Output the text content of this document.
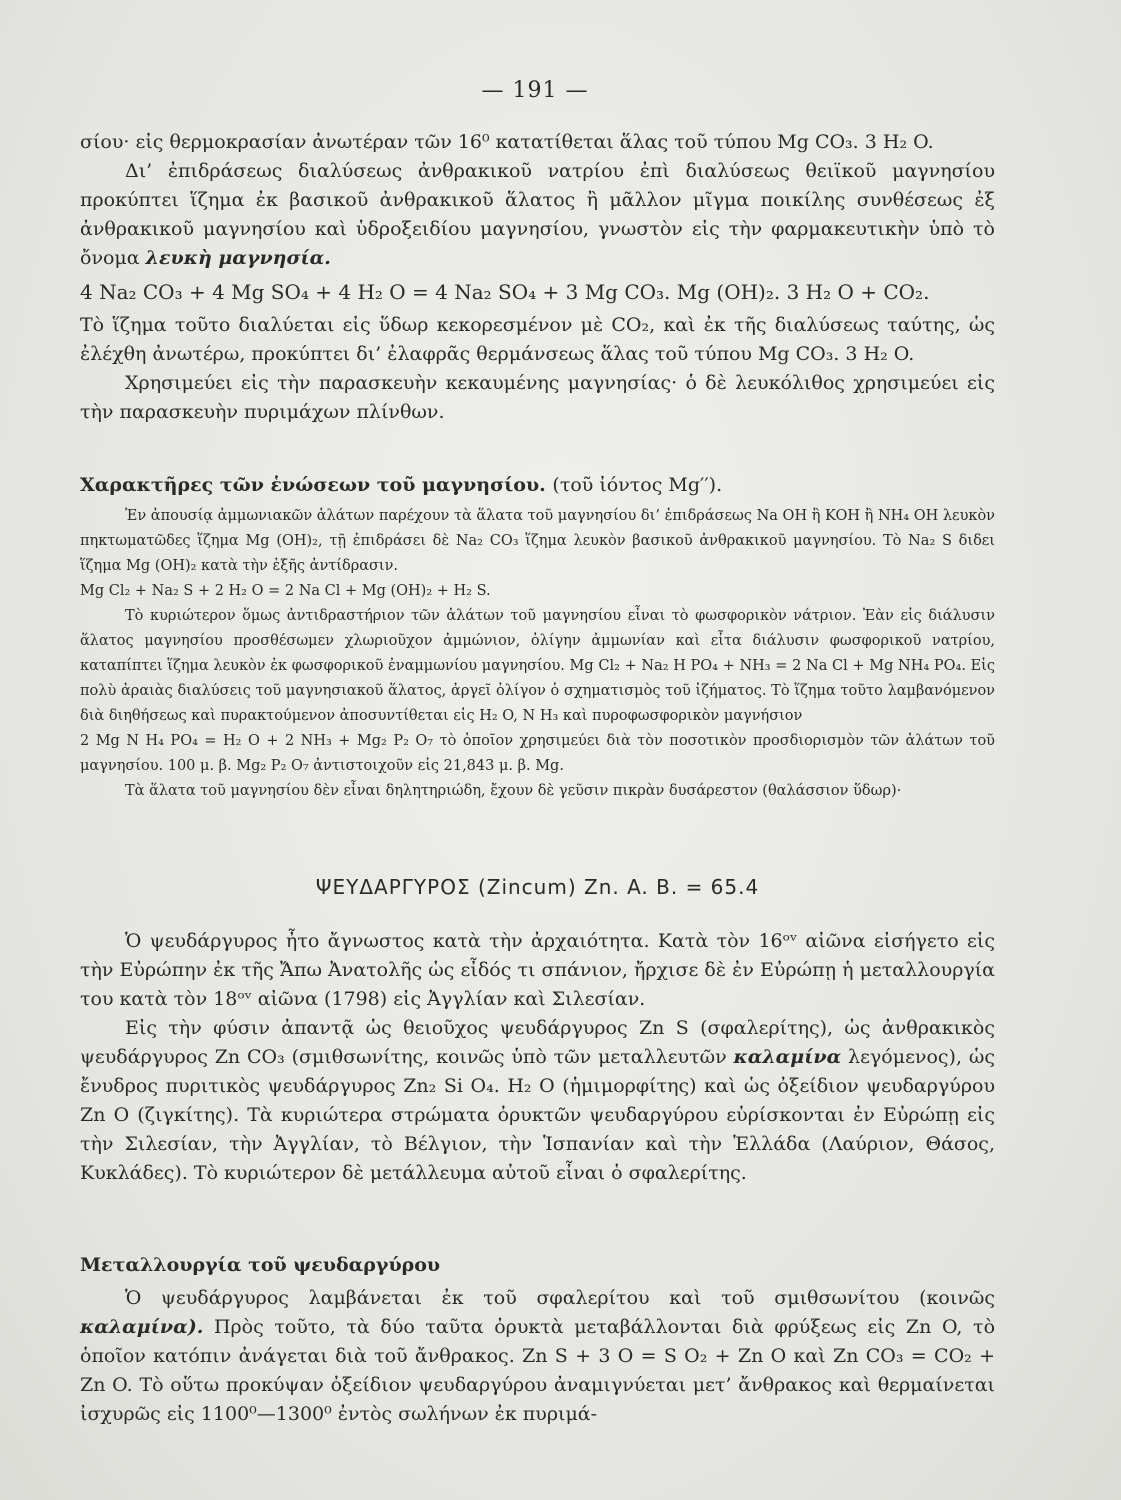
— 191 —

σίου· εἰς θερμοκρασίαν ἀνωτέραν τῶν 16⁰ κατατίθεται ἅλας τοῦ τύπου Mg CO₃. 3 H₂ O.

Δι’ ἐπιδράσεως διαλύσεως ἀνθρακικοῦ νατρίου ἐπὶ διαλύσεως θειϊκοῦ μαγνησίου προκύπτει ἵζημα ἐκ βασικοῦ ἀνθρακικοῦ ἅλατος ἢ μᾶλλον μῖγμα ποικίλης συνθέσεως ἐξ ἀνθρακικοῦ μαγνησίου καὶ ὑδροξειδίου μαγνησίου, γνωστὸν εἰς τὴν φαρμακευτικὴν ὑπὸ τὸ ὄνομα λευκὴ μαγνησία.

4 Na₂ CO₃ + 4 Mg SO₄ + 4 H₂ O = 4 Na₂ SO₄ + 3 Mg CO₃. Mg (OH)₂. 3 H₂ O + CO₂.

Τὸ ἵζημα τοῦτο διαλύεται εἰς ὕδωρ κεκορεσμένον μὲ CO₂, καὶ ἐκ τῆς διαλύσεως ταύτης, ὡς ἐλέχθη ἀνωτέρω, προκύπτει δι’ ἐλαφρᾶς θερμάνσεως ἅλας τοῦ τύπου Mg CO₃. 3 H₂ O.

Χρησιμεύει εἰς τὴν παρασκευὴν κεκαυμένης μαγνησίας· ὁ δὲ λευκόλιθος χρησιμεύει εἰς τὴν παρασκευὴν πυριμάχων πλίνθων.

Χαρακτῆρες τῶν ἑνώσεων τοῦ μαγνησίου. (τοῦ ἰόντος Mg′′).

Ἐν ἀπουσίᾳ ἀμμωνιακῶν ἁλάτων παρέχουν τὰ ἅλατα τοῦ μαγνησίου δι’ ἐπιδράσεως Na OH ἢ KOH ἢ NH₄ OH λευκὸν πηκτωματῶδες ἵζημα Mg (OH)₂, τῇ ἐπιδράσει δὲ Na₂ CO₃ ἵζημα λευκὸν βασικοῦ ἀνθρακικοῦ μαγνησίου. Τὸ Na₂ S διδει ἵζημα Mg (OH)₂ κατὰ τὴν ἑξῆς ἀντίδρασιν.

Mg Cl₂ + Na₂ S + 2 H₂ O = 2 Na Cl + Mg (OH)₂ + H₂ S.

Τὸ κυριώτερον ὅμως ἀντιδραστήριον τῶν ἁλάτων τοῦ μαγνησίου εἶναι τὸ φωσφορικὸν νάτριον. Ἐὰν εἰς διάλυσιν ἅλατος μαγνησίου προσθέσωμεν χλωριοῦχον ἀμμώνιον, ὀλίγην ἀμμωνίαν καὶ εἶτα διάλυσιν φωσφορικοῦ νατρίου, καταπίπτει ἵζημα λευκὸν ἐκ φωσφορικοῦ ἐναμμωνίου μαγνησίου. Mg Cl₂ + Na₂ H PO₄ + NH₃ = 2 Na Cl + Mg NH₄ PO₄. Εἰς πολὺ ἀραιὰς διαλύσεις τοῦ μαγνησιακοῦ ἅλατος, ἀργεῖ ὀλίγον ὁ σχηματισμὸς τοῦ ἰζήματος. Τὸ ἵζημα τοῦτο λαμβανόμενον διὰ διηθήσεως καὶ πυρακτούμενον ἀποσυντίθεται εἰς H₂ O, N H₃ καὶ πυροφωσφορικὸν μαγνήσιον

2 Mg N H₄ PO₄ = H₂ O + 2 NH₃ + Mg₂ P₂ O₇ τὸ ὁποῖον χρησιμεύει διὰ τὸν ποσοτικὸν προσδιορισμὸν τῶν ἁλάτων τοῦ μαγνησίου. 100 μ. β. Mg₂ P₂ O₇ ἀντιστοιχοῦν εἰς 21,843 μ. β. Mg.

Τὰ ἅλατα τοῦ μαγνησίου δὲν εἶναι δηλητηριώδη, ἔχουν δὲ γεῦσιν πικρὰν δυσάρεστον (θαλάσσιον ὕδωρ)·

ΨΕΥΔΑΡΓΥΡΟΣ (Zincum) Zn. A. B. = 65.4

Ὁ ψευδάργυρος ἦτο ἄγνωστος κατὰ τὴν ἀρχαιότητα. Κατὰ τὸν 16ᵒᵛ αἰῶνα εἰσήγετο εἰς τὴν Εὐρώπην ἐκ τῆς Ἄπω Ἀνατολῆς ὡς εἶδός τι σπάνιον, ἤρχισε δὲ ἐν Εὐρώπῃ ἡ μεταλλουργία του κατὰ τὸν 18ᵒᵛ αἰῶνα (1798) εἰς Ἀγγλίαν καὶ Σιλεσίαν.

Εἰς τὴν φύσιν ἀπαντᾷ ὡς θειοῦχος ψευδάργυρος Zn S (σφαλερίτης), ὡς ἀνθρακικὸς ψευδάργυρος Zn CO₃ (σμιθσωνίτης, κοινῶς ὑπὸ τῶν μεταλλευτῶν καλαμίνα λεγόμενος), ὡς ἔνυδρος πυριτικὸς ψευδάργυρος Zn₂ Si O₄. H₂ O (ἡμιμορφίτης) καὶ ὡς ὀξείδιον ψευδαργύρου Zn O (ζιγκίτης). Τὰ κυριώτερα στρώματα ὀρυκτῶν ψευδαργύρου εὑρίσκονται ἐν Εὐρώπῃ εἰς τὴν Σιλεσίαν, τὴν Ἀγγλίαν, τὸ Βέλγιον, τὴν Ἱσπανίαν καὶ τὴν Ἑλλάδα (Λαύριον, Θάσος, Κυκλάδες). Τὸ κυριώτερον δὲ μετάλλευμα αὐτοῦ εἶναι ὁ σφαλερίτης.

Μεταλλουργία τοῦ ψευδαργύρου

Ὁ ψευδάργυρος λαμβάνεται ἐκ τοῦ σφαλερίτου καὶ τοῦ σμιθσωνίτου (κοινῶς καλαμίνα). Πρὸς τοῦτο, τὰ δύο ταῦτα ὀρυκτὰ μεταβάλλονται διὰ φρύξεως εἰς Zn O, τὸ ὁποῖον κατόπιν ἀνάγεται διὰ τοῦ ἄνθρακος. Zn S + 3 O = S O₂ + Zn O καὶ Zn CO₃ = CO₂ + Zn O. Τὸ οὕτω προκύψαν ὀξείδιον ψευδαργύρου ἀναμιγνύεται μετ’ ἄνθρακος καὶ θερμαίνεται ἰσχυρῶς εἰς 1100⁰—1300⁰ ἐντὸς σωλήνων ἐκ πυριμά-
